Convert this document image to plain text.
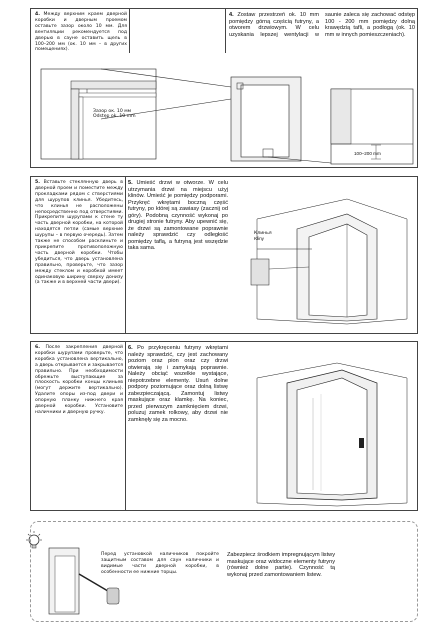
4. Между верхним краем дверной коробки и дверным проемом оставьте зазор около 10 мм. Для вентиляции рекомендуется под дверью в сауне оставить щель в 100–200 мм (ок. 10 мм – в других помещениях).
4. Zostaw przestrzeń ok. 10 mm pomiędzy górną częścią futryny, a otworem drzwiowym. W celu uzyskania lepszej wentylacji w saunie zaleca się zachować odstęp 100 - 200 mm pomiędzy dolną krawędzią tafli, a podłogą (ok. 10 mm w innych pomieszczeniach).
Зазор ок. 10 мм
Odstęp ok. 10 mm
100–200 mm
5. Вставьте стеклянную дверь в дверной проем и поместите между прокладками рядом с стверстиями для шурупов клинья. Убедитесь, что клинья не расположены непосредственно под отверстиями. Прикрепите шурупами к стене ту часть дверной коробки, на которой находятся петли (самые верхние шурупы – в первую очередь). Затем также не способом расклиньте и прикрепите противоположную часть дверной коробки. Чтобы убедиться, что дверь установлена правильно, проверьте, что зазор между стеклом и коробкой имеет одинаковую ширину сверху донизу (а также и в верхней части двери).
5. Umieść drzwi w otworze. W celu utrzymania drzwi na miejscu użyj klinów. Umieść je pomiędzy podporami. Przykręć wkrętami boczną część futryny, po której są zawiasy (zacznij od góry). Podobną czynność wykonaj po drugiej stronie futryny. Aby upewnić się, że drzwi są zamontowane poprawnie należy sprawdzić czy odległość pomiędzy taflą, a futryną jest wszędzie taka sama.
Клинья
Kliny
6. После закрепления дверной коробки шурупами проверьте, что коробка установлена вертикально, а дверь открывается и закрывается правильно. При необходимости обрежьте выступающие за плоскость коробки концы клиньев (могут держите вертикально). Удалите опоры из-под двери и опорную планку нижнего края дверной коробки. Установите наличники и дверную ручку.
6. Po przykręceniu futryny wkrętami należy sprawdzić, czy jest zachowany poziom oraz pion oraz czy drzwi otwierają się i zamykają poprawnie. Należy obciąć wszelkie wystające, niepotrzebne elementy. Usuń dolne podpory poziomujące oraz dolną listwę zabezpieczającą. Zamontuj listwy maskujące oraz klamkę. Na koniec, przed pierwszym zamknięciem drzwi, poluzuj zamek rolkowy, aby drzwi nie zamknęły się za mocno.
Перед установкой наличников покройте защитным составом для саун наличники и видимые части дверной коробки, в особенности ее нижние торцы.
Zabezpiecz środkiem impregnującym listwy maskujące oraz widoczne elementy futryny (również dolne partie). Czynność tą wykonaj przed zamontowaniem listew.
